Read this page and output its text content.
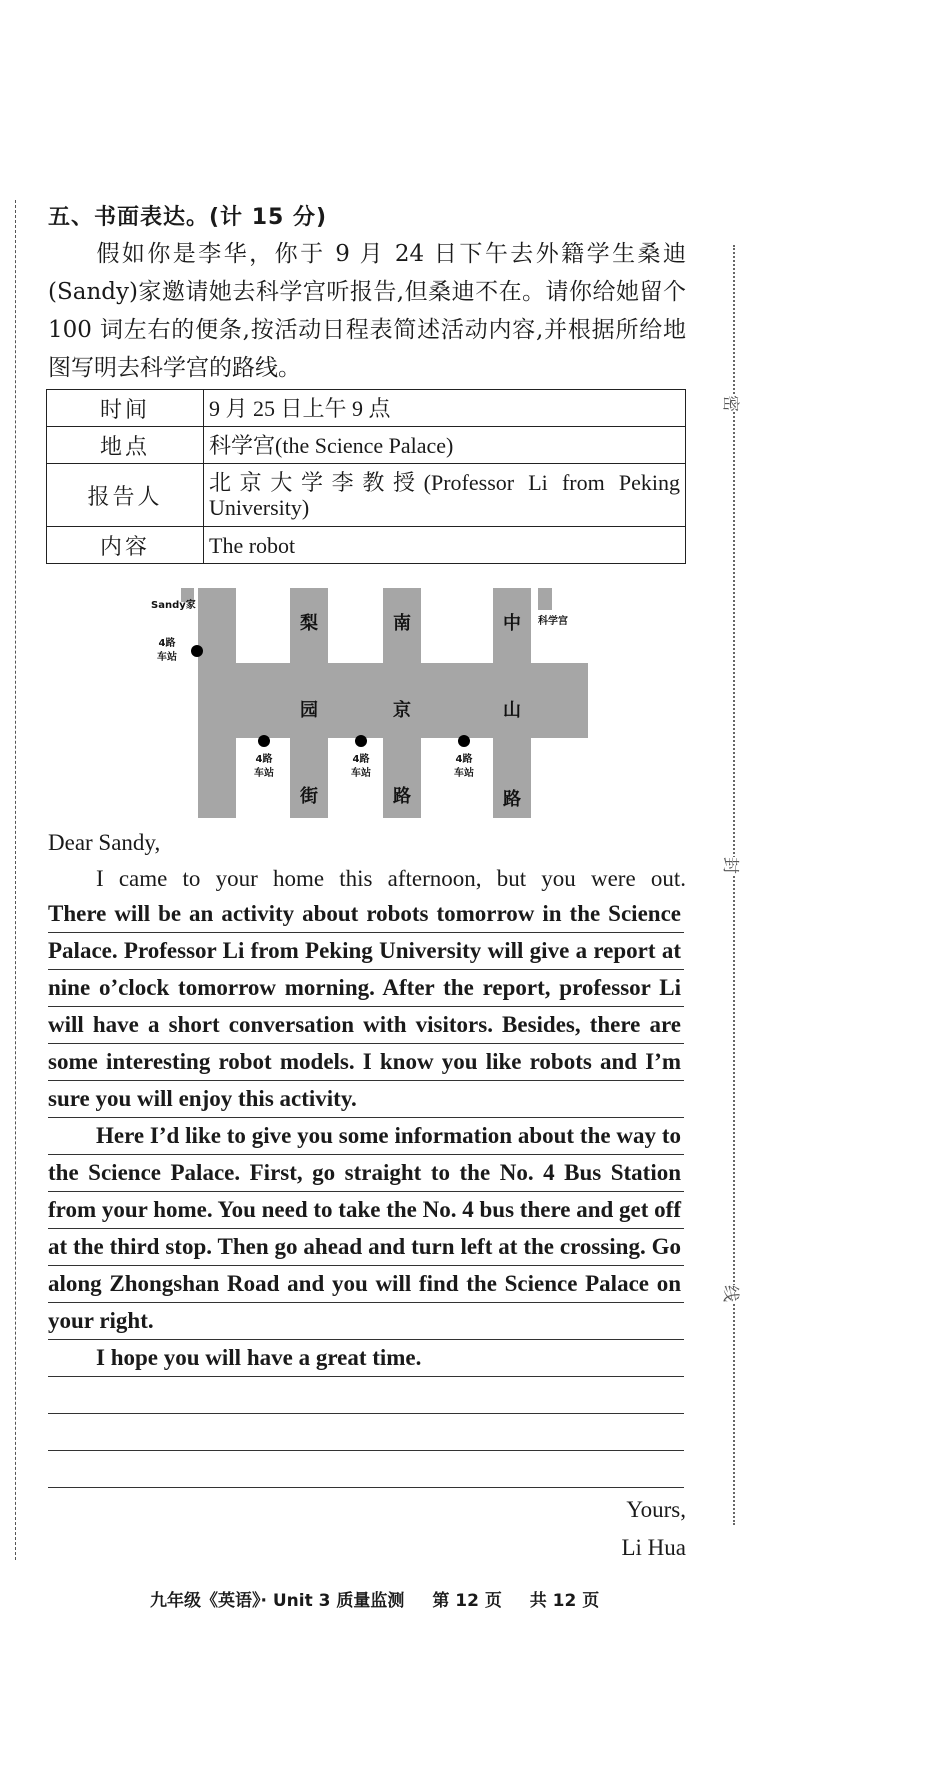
密
封
线
五、书面表达。(计 15 分)
假如你是李华，你于 9 月 24 日下午去外籍学生桑迪(Sandy)家邀请她去科学宫听报告,但桑迪不在。请你给她留个 100 词左右的便条,按活动日程表简述活动内容,并根据所给地图写明去科学宫的路线。
时间	9 月 25 日上午 9 点
地点	科学宫(the Science Palace)
报告人	北京大学李教授(Professor Li from Peking University)
内容	The robot
Sandy家
科学宫
梨
园
街
南
京
路
中
山
路
4路
车站
4路
车站
4路
车站
4路
车站
Dear Sandy,
I came to your home this afternoon, but you were out.

There will be an activity about robots tomorrow in the Science Palace. Professor Li from Peking University will give a report at nine o’clock tomorrow morning. After the report, professor Li will have a short conversation with visitors. Besides, there are some interesting robot models. I know you like robots and I’m sure you will enjoy this activity.

Here I’d like to give you some information about the way to the Science Palace. First, go straight to the No. 4 Bus Station from your home. You need to take the No. 4 bus there and get off at the third stop. Then go ahead and turn left at the crossing. Go along Zhongshan Road and you will find the Science Palace on your right.

I hope you will have a great time.

Yours,
Li Hua
九年级《英语》· Unit 3 质量监测 第 12 页 共 12 页
